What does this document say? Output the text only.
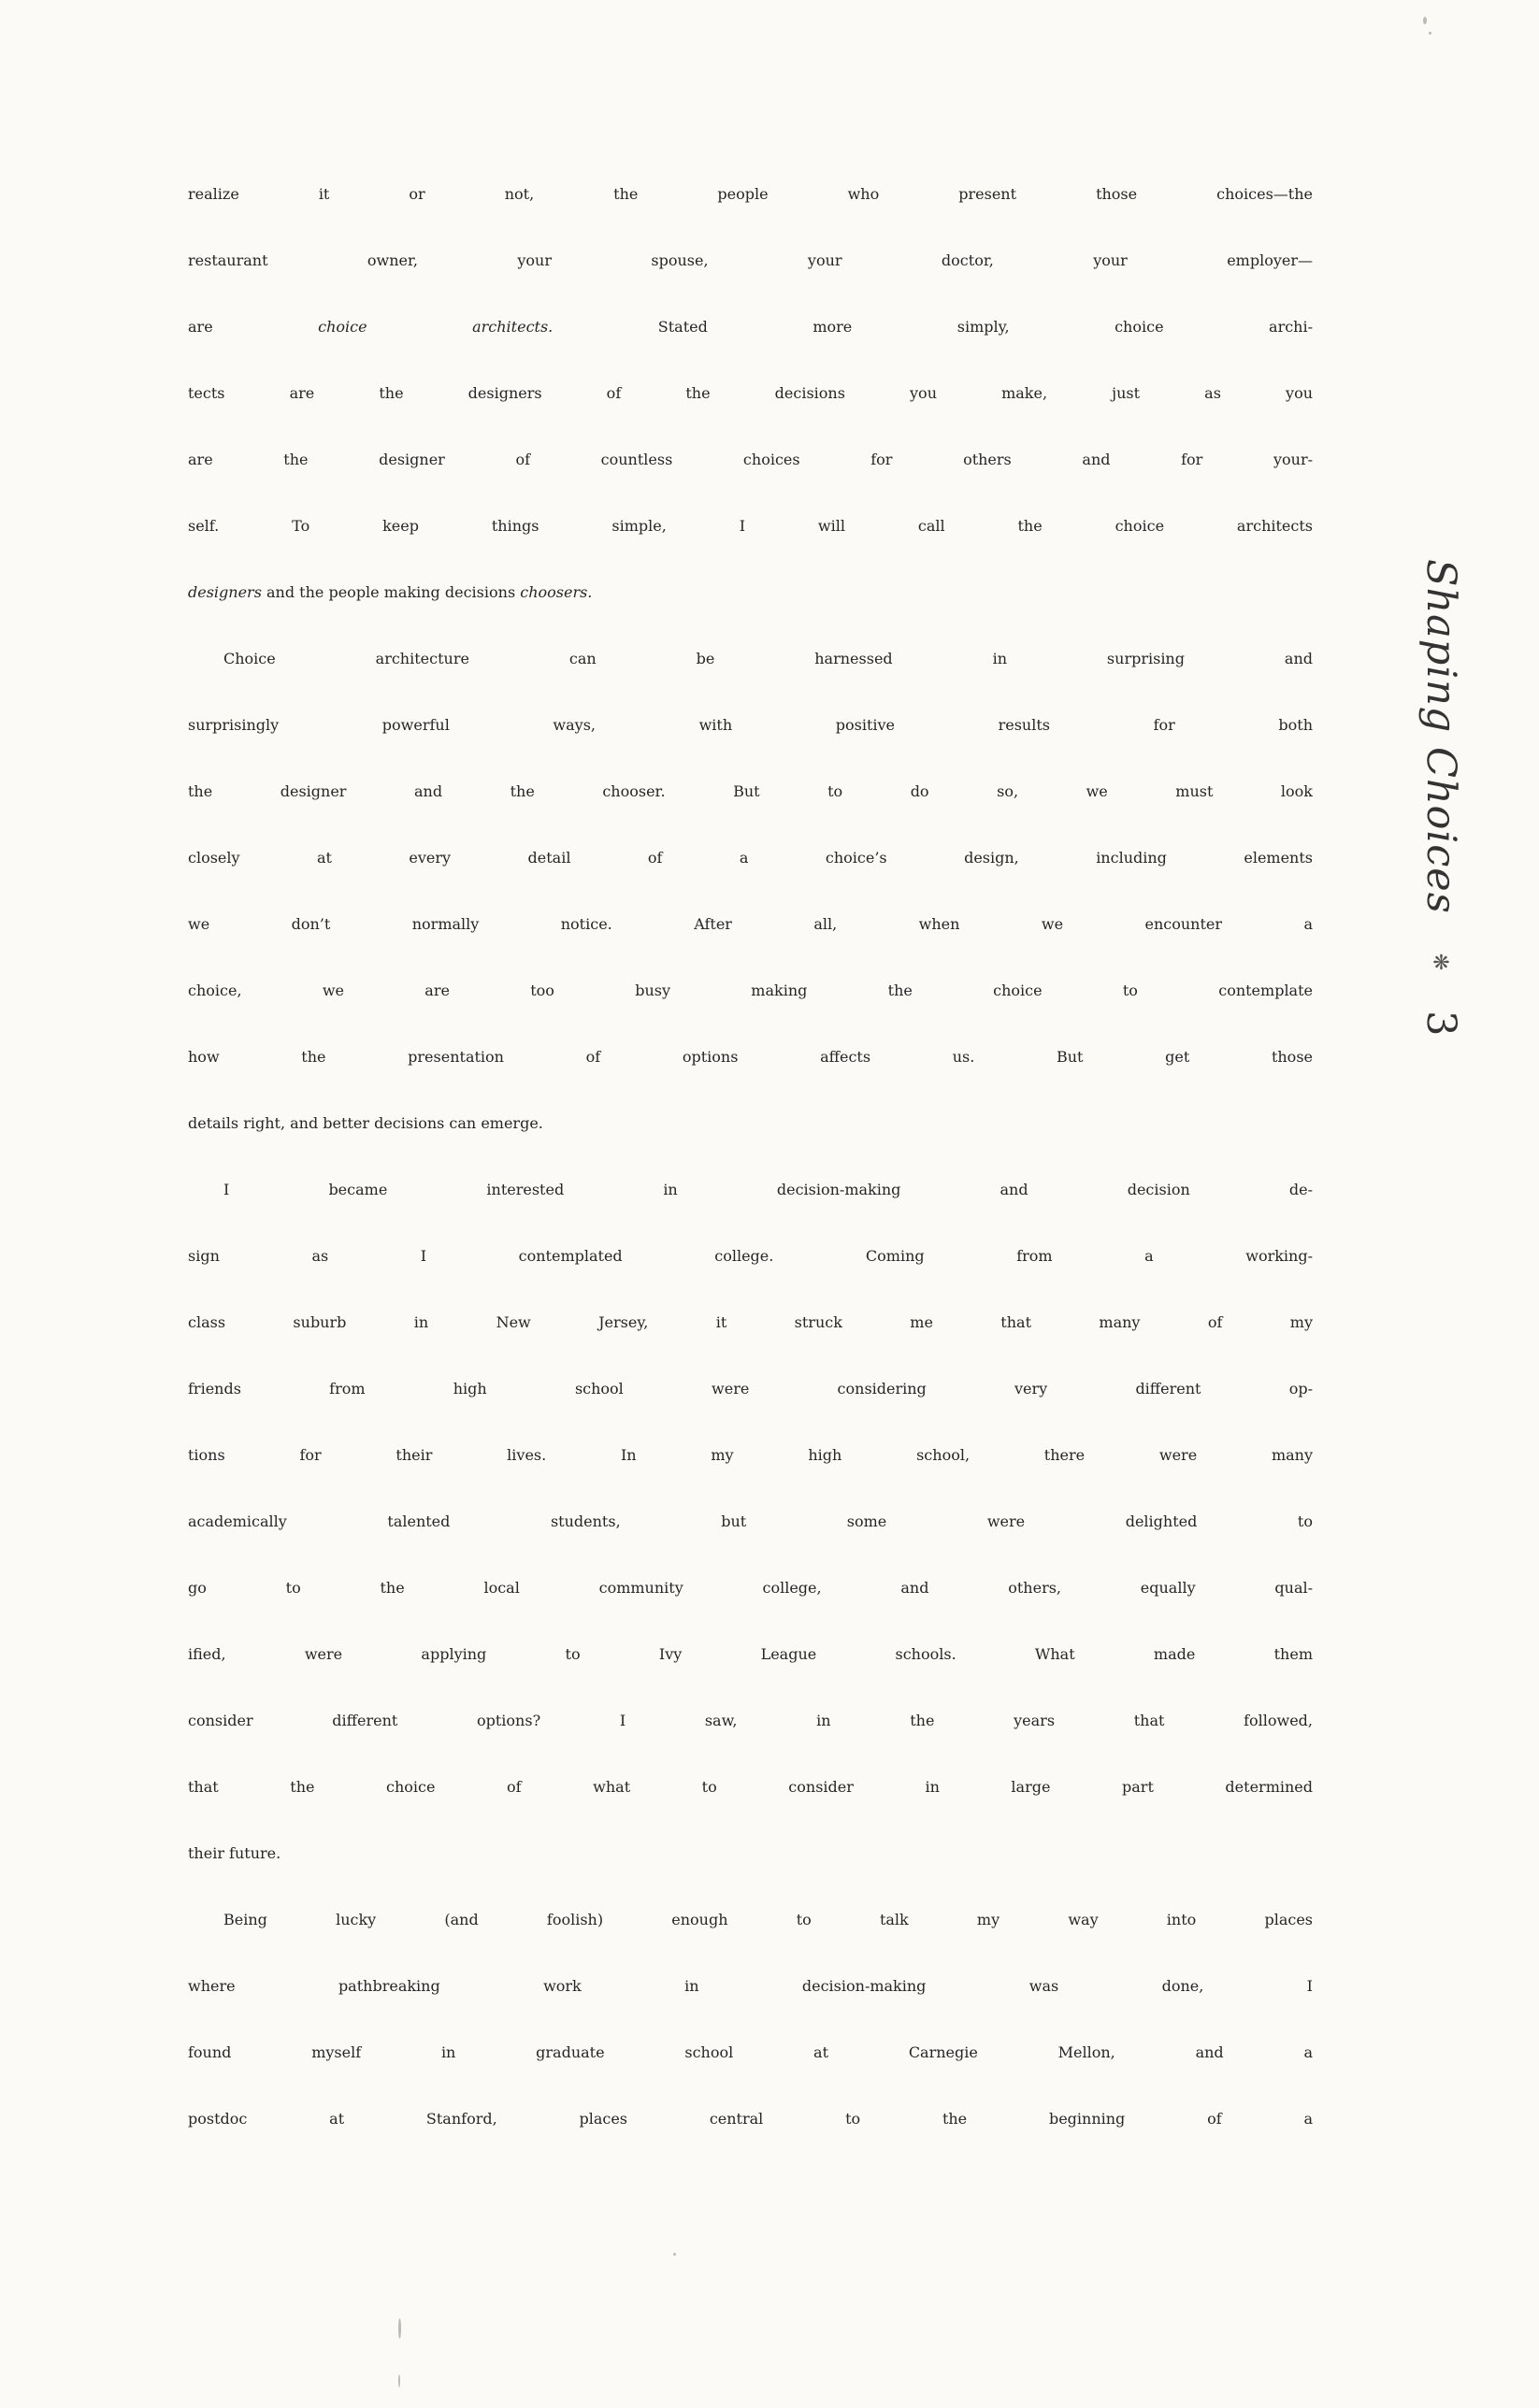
realize it or not, the people who present those choices—the
restaurant owner, your spouse, your doctor, your employer—
are choice architects. Stated more simply, choice archi-
tects are the designers of the decisions you make, just as you
are the designer of countless choices for others and for your-
self. To keep things simple, I will call the choice architects
designers and the people making decisions choosers.
Choice architecture can be harnessed in surprising and
surprisingly powerful ways, with positive results for both
the designer and the chooser. But to do so, we must look
closely at every detail of a choice’s design, including elements
we don’t normally notice. After all, when we encounter a
choice, we are too busy making the choice to contemplate
how the presentation of options affects us. But get those
details right, and better decisions can emerge.
I became interested in decision-making and decision de-
sign as I contemplated college. Coming from a working-
class suburb in New Jersey, it struck me that many of my
friends from high school were considering very different op-
tions for their lives. In my high school, there were many
academically talented students, but some were delighted to
go to the local community college, and others, equally qual-
ified, were applying to Ivy League schools. What made them
consider different options? I saw, in the years that followed,
that the choice of what to consider in large part determined
their future.
Being lucky (and foolish) enough to talk my way into places
where pathbreaking work in decision-making was done, I
found myself in graduate school at Carnegie Mellon, and a
postdoc at Stanford, places central to the beginning of a
Shaping Choices ❋ 3
